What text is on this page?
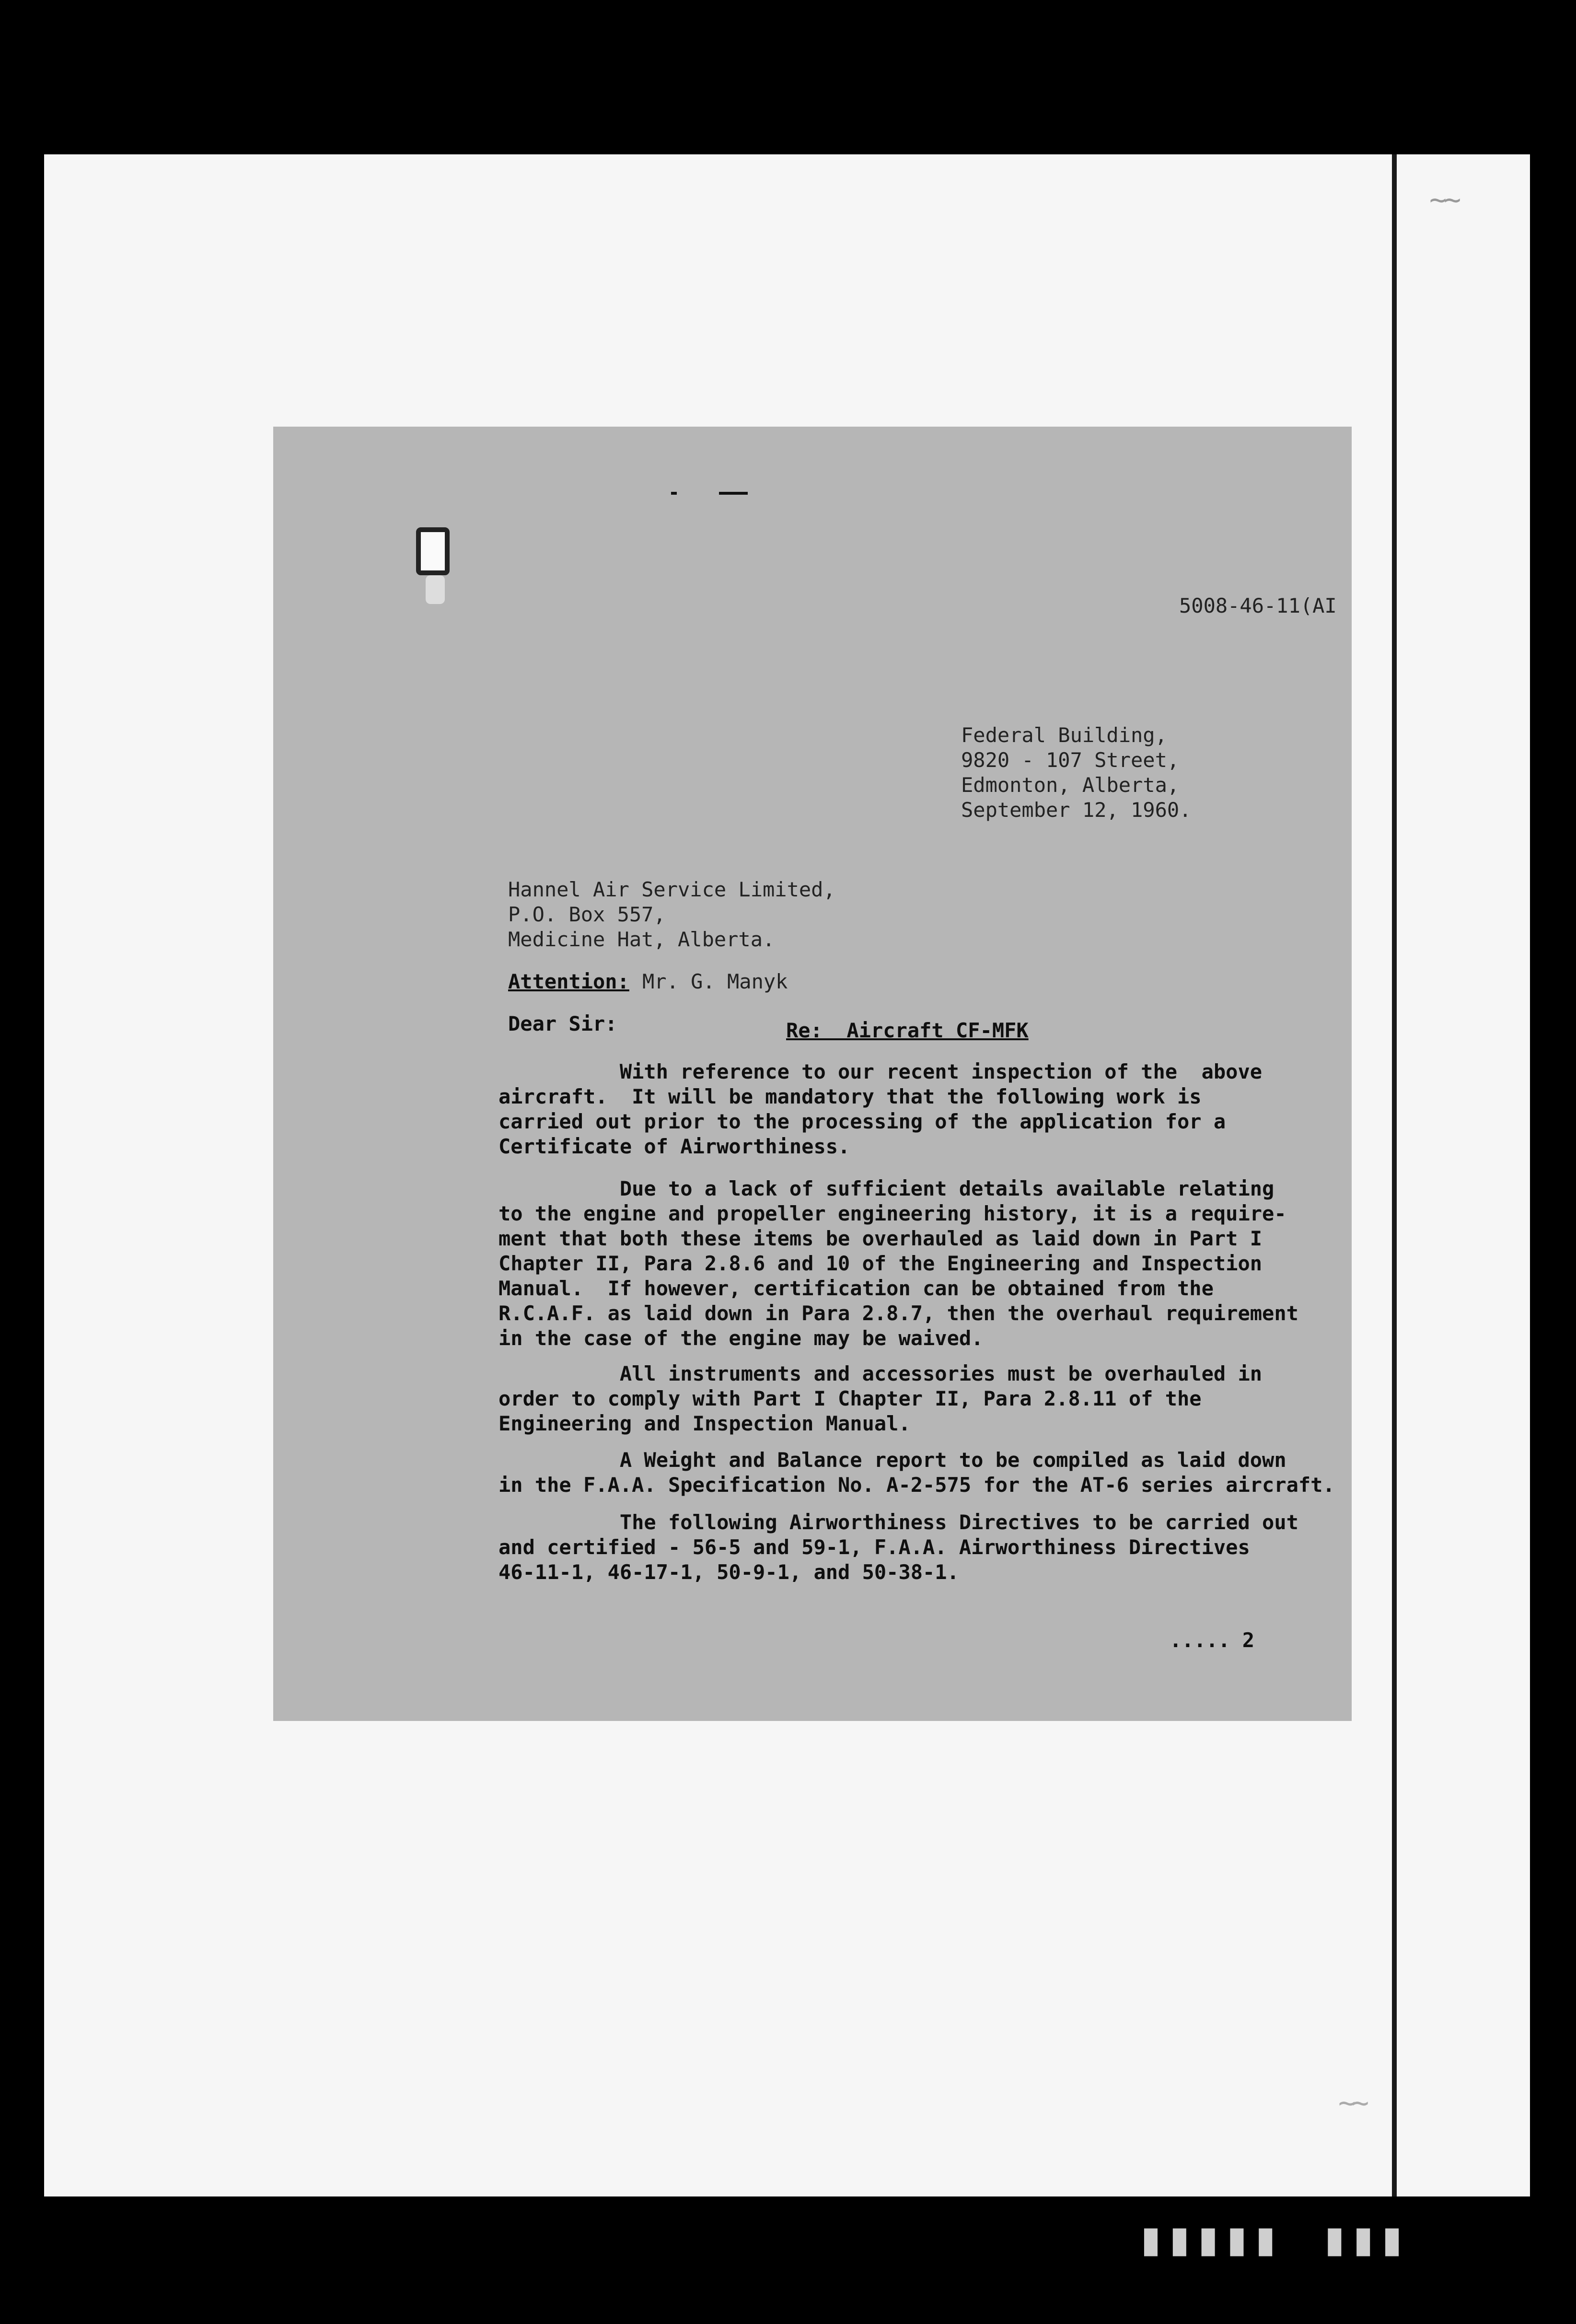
~~
~~

5008-46-11(AI

Federal Building,

9820 - 107 Street,

Edmonton, Alberta,

September 12, 1960.

Hannel Air Service Limited,

P.O. Box 557,

Medicine Hat, Alberta.

Attention: Mr. G. Manyk

Dear Sir:	Re:  Aircraft CF-MFK

With reference to our recent inspection of the  above

aircraft.  It will be mandatory that the following work is

carried out prior to the processing of the application for a

Certificate of Airworthiness.

Due to a lack of sufficient details available relating

to the engine and propeller engineering history, it is a require-

ment that both these items be overhauled as laid down in Part I

Chapter II, Para 2.8.6 and 10 of the Engineering and Inspection

Manual.  If however, certification can be obtained from the

R.C.A.F. as laid down in Para 2.8.7, then the overhaul requirement

in the case of the engine may be waived.

All instruments and accessories must be overhauled in

order to comply with Part I Chapter II, Para 2.8.11 of the

Engineering and Inspection Manual.

A Weight and Balance report to be compiled as laid down

in the F.A.A. Specification No. A-2-575 for the AT-6 series aircraft.

The following Airworthiness Directives to be carried out

and certified - 56-5 and 59-1, F.A.A. Airworthiness Directives

46-11-1, 46-17-1, 50-9-1, and 50-38-1.

..... 2

▮▮▮▮▮  ▮▮▮
